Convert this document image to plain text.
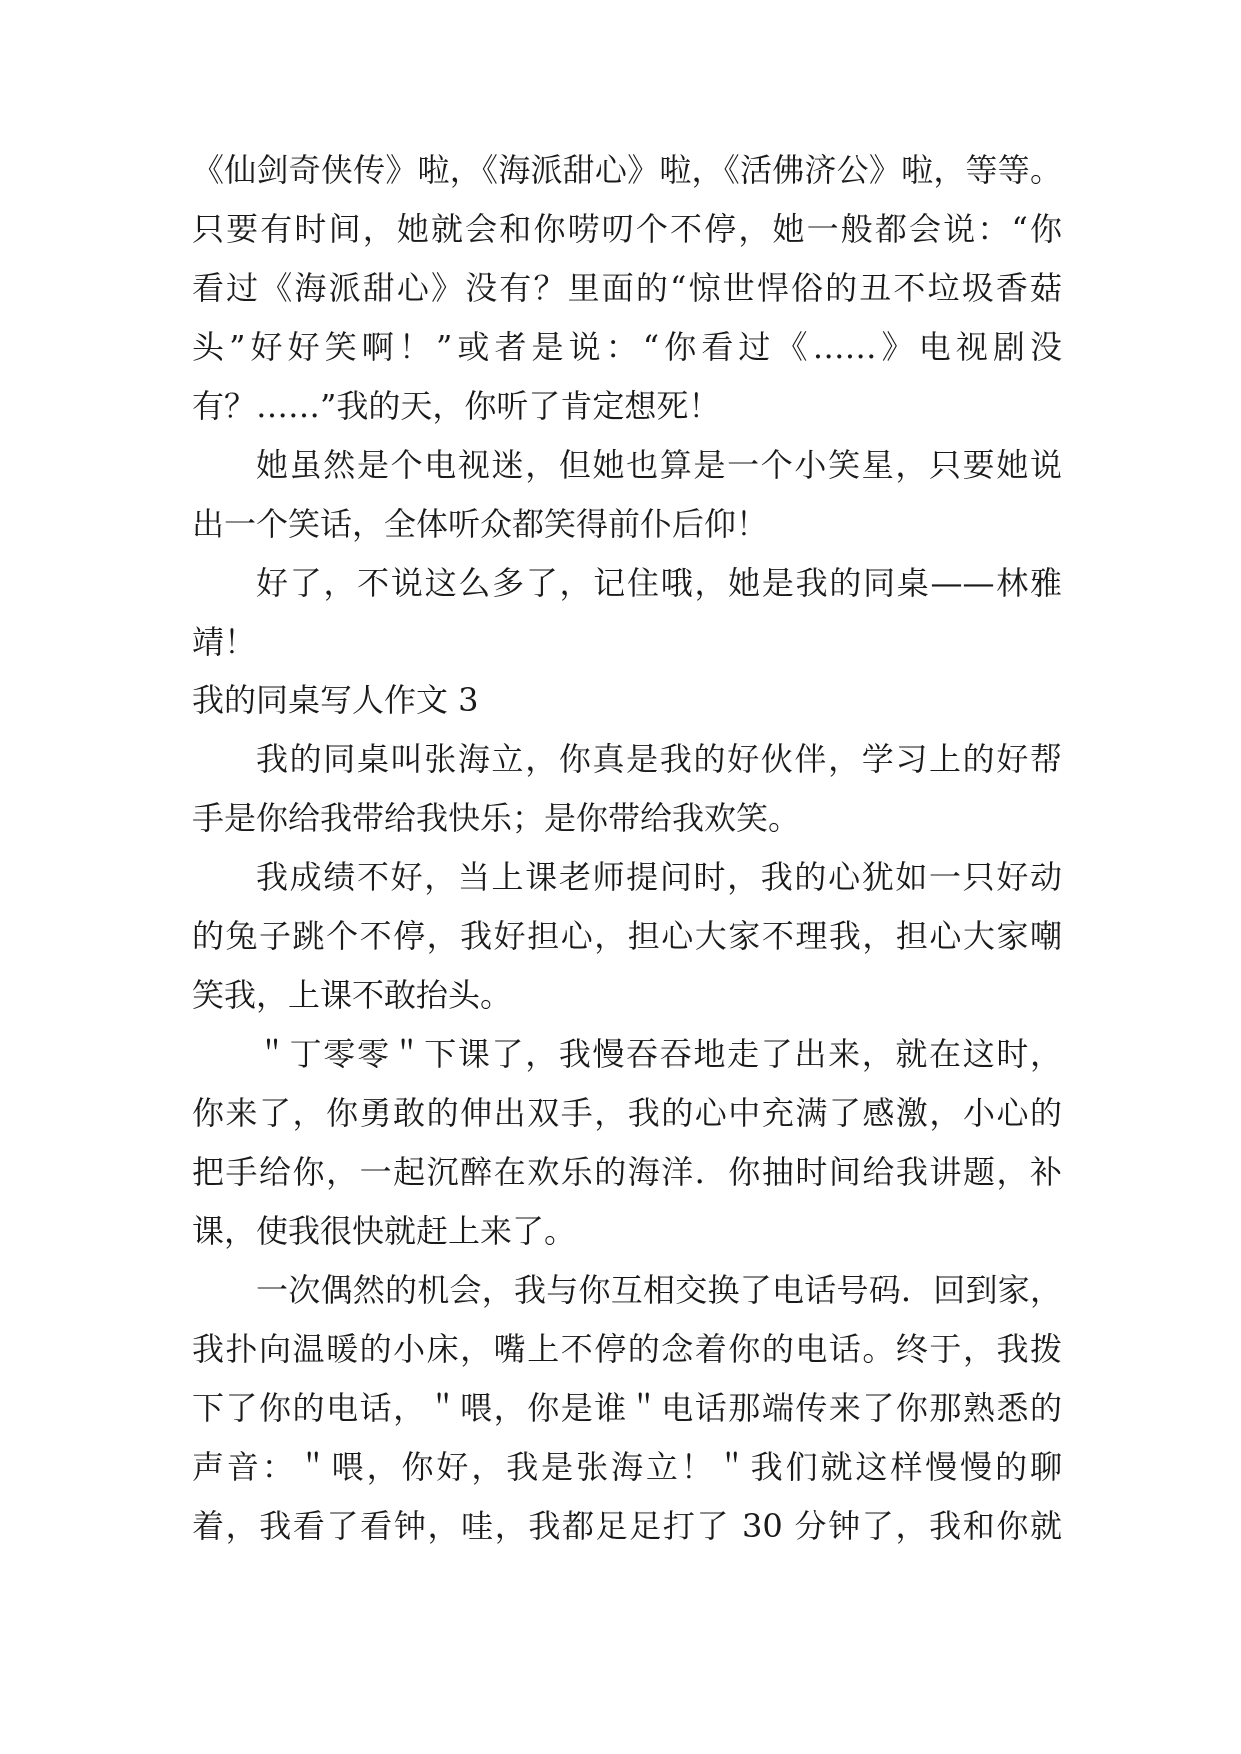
《仙剑奇侠传》啦，《海派甜心》啦，《活佛济公》啦，等等。
只要有时间，她就会和你唠叨个不停，她一般都会说：“你
看过《海派甜心》没有？里面的“惊世悍俗的丑不垃圾香菇
头”好好笑啊！”或者是说：“你看过《……》电视剧没
有？……”我的天，你听了肯定想死！
她虽然是个电视迷，但她也算是一个小笑星，只要她说
出一个笑话，全体听众都笑得前仆后仰！
好了，不说这么多了，记住哦，她是我的同桌——林雅
靖！
我的同桌写人作文 3
我的同桌叫张海立，你真是我的好伙伴，学习上的好帮
手是你给我带给我快乐；是你带给我欢笑。
我成绩不好，当上课老师提问时，我的心犹如一只好动
的兔子跳个不停，我好担心，担心大家不理我，担心大家嘲
笑我，上课不敢抬头。
＂丁零零＂下课了，我慢吞吞地走了出来，就在这时，
你来了，你勇敢的伸出双手，我的心中充满了感激，小心的
把手给你，一起沉醉在欢乐的海洋．你抽时间给我讲题，补
课，使我很快就赶上来了。
一次偶然的机会，我与你互相交换了电话号码．回到家，
我扑向温暖的小床，嘴上不停的念着你的电话。终于，我拨
下了你的电话，＂喂，你是谁＂电话那端传来了你那熟悉的
声音：＂喂，你好，我是张海立！＂我们就这样慢慢的聊
着，我看了看钟，哇，我都足足打了 30 分钟了，我和你就
